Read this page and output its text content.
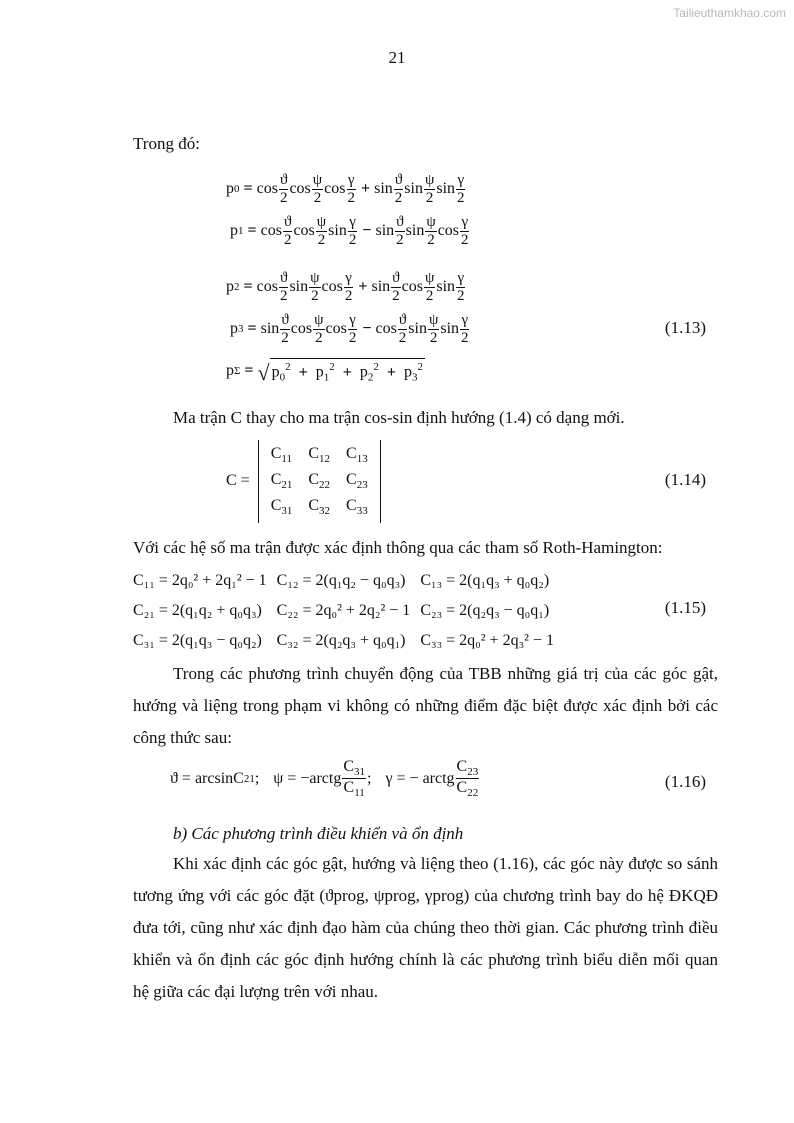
Tailieuthamkhao.com
21
Trong đó:
p $0 = \cos \frac{ϑ}{2}$ $\cos \frac{\psi}{2}$ $\cos \frac{\gamma}{2} + \sin \frac{ϑ}{2}$ $\sin \frac{\psi}{2}$ $\sin \frac{\gamma}{2}$
p $1 = \cos \frac{ϑ}{2}$ $\cos \frac{\psi}{2}$ $\sin \frac{\gamma}{2} - \sin \frac{ϑ}{2}$ $\sin \frac{\psi}{2}$ $\cos \frac{\gamma}{2}$
p $2 = \cos \frac{ϑ}{2}$ $\sin \frac{\psi}{2}$ $\cos \frac{\gamma}{2} + \sin \frac{ϑ}{2}$ $\cos \frac{\psi}{2}$ $\sin \frac{\gamma}{2}$
p $3 = \sin \frac{ϑ}{2}$ $\cos \frac{\psi}{2}$ $\cos \frac{\gamma}{2} - \cos \frac{ϑ}{2}$ $\sin \frac{\psi}{2}$ $\sin \frac{\gamma}{2}$
p Σ = √ $p_0^2 + p_1^2 + p_2^2 + p_3^2$
(1.13)
Ma trận C thay cho ma trận cos-sin định hướng (1.4) có dạng mới.
C =
$C_{11}$	$C_{12}$	$C_{13}$
$C_{21}$	$C_{22}$	$C_{23}$
$C_{31}$	$C_{32}$	$C_{33}$
(1.14)
Với các hệ số ma trận được xác định thông qua các tham số Roth-Hamington:
C₁₁ = 2q₀² + 2q₁² − 1	C₁₂ = 2(q₁q₂ − q₀q₃)	C₁₃ = 2(q₁q₃ + q₀q₂)
C₂₁ = 2(q₁q₂ + q₀q₃)	C₂₂ = 2q₀² + 2q₂² − 1	C₂₃ = 2(q₂q₃ − q₀q₁)
C₃₁ = 2(q₁q₃ − q₀q₂)	C₃₂ = 2(q₂q₃ + q₀q₁)	C₃₃ = 2q₀² + 2q₃² − 1
(1.15)
Trong các phương trình chuyển động của TBB những giá trị của các góc gật, hướng và liệng trong phạm vi không có những điểm đặc biệt được xác định bởi các công thức sau:
ϑ = arcsinC 21 ; ψ = −arctg $\frac{C_{31}}{C_{11}}$ ; γ = − arctg $\frac{C_{23}}{C_{22}}$	(1.16)
b) Các phương trình điều khiển và ổn định
Khi xác định các góc gật, hướng và liệng theo (1.16), các góc này được so sánh tương ứng với các góc đặt (ϑprog, ψprog, γprog) của chương trình bay do hệ ĐKQĐ đưa tới, cũng như xác định đạo hàm của chúng theo thời gian. Các phương trình điều khiển và ổn định các góc định hướng chính là các phương trình biểu diễn mối quan hệ giữa các đại lượng trên với nhau.
